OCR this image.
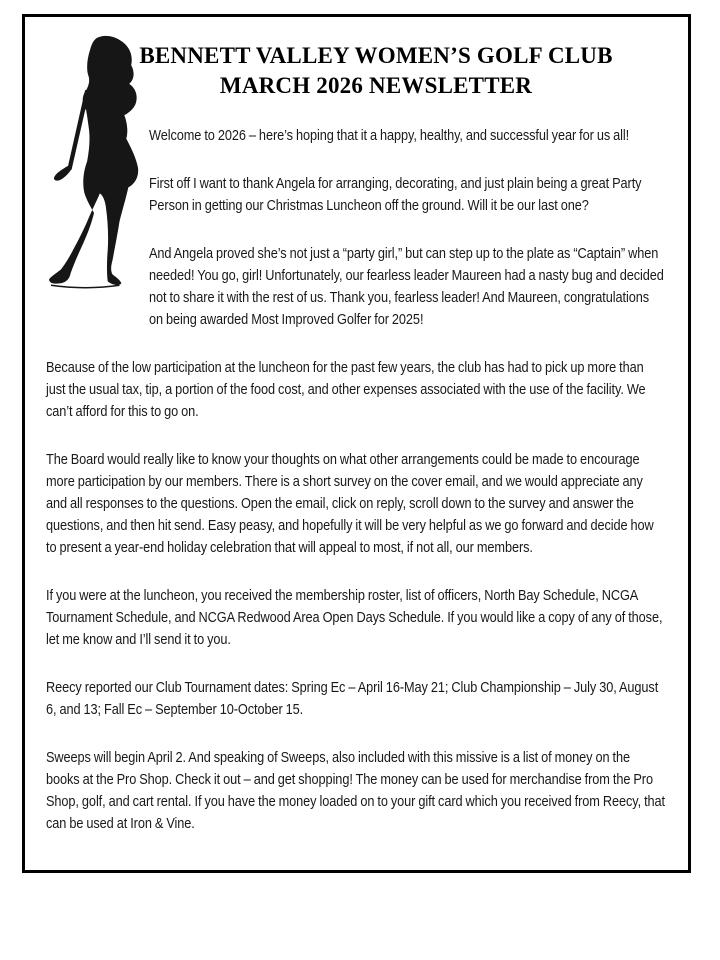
BENNETT VALLEY WOMEN’S GOLF CLUB
MARCH 2026 NEWSLETTER

Welcome to 2026 – here’s hoping that it a happy, healthy, and successful year for us all!

First off I want to thank Angela for arranging, decorating, and just plain being a great Party Person in getting our Christmas Luncheon off the ground. Will it be our last one?

And Angela proved she’s not just a “party girl,” but can step up to the plate as “Captain” when needed! You go, girl! Unfortunately, our fearless leader Maureen had a nasty bug and decided not to share it with the rest of us. Thank you, fearless leader! And Maureen, congratulations on being awarded Most Improved Golfer for 2025!

Because of the low participation at the luncheon for the past few years, the club has had to pick up more than just the usual tax, tip, a portion of the food cost, and other expenses associated with the use of the facility. We can’t afford for this to go on.

The Board would really like to know your thoughts on what other arrangements could be made to encourage more participation by our members. There is a short survey on the cover email, and we would appreciate any and all responses to the questions. Open the email, click on reply, scroll down to the survey and answer the questions, and then hit send. Easy peasy, and hopefully it will be very helpful as we go forward and decide how to present a year-end holiday celebration that will appeal to most, if not all, our members.

If you were at the luncheon, you received the membership roster, list of officers, North Bay Schedule, NCGA Tournament Schedule, and NCGA Redwood Area Open Days Schedule. If you would like a copy of any of those, let me know and I’ll send it to you.

Reecy reported our Club Tournament dates: Spring Ec – April 16-May 21; Club Championship – July 30, August 6, and 13; Fall Ec – September 10-October 15.

Sweeps will begin April 2. And speaking of Sweeps, also included with this missive is a list of money on the books at the Pro Shop. Check it out – and get shopping! The money can be used for merchandise from the Pro Shop, golf, and cart rental. If you have the money loaded on to your gift card which you received from Reecy, that can be used at Iron & Vine.
